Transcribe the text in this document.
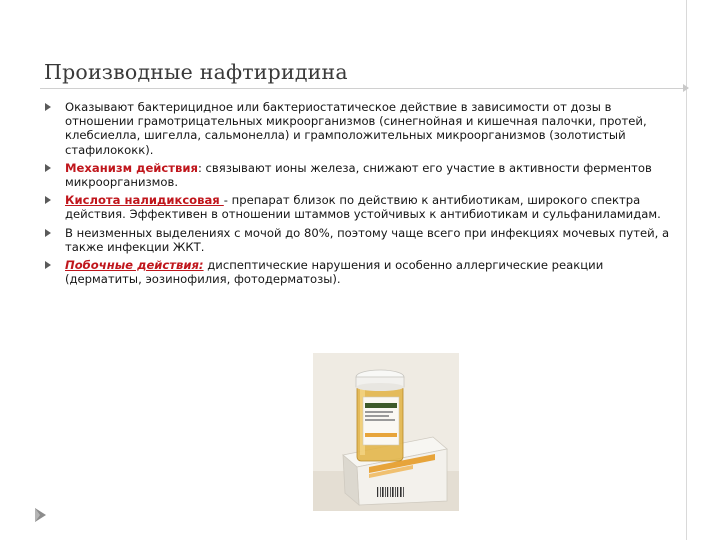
Производные нафтиридина
Оказывают бактерицидное или бактериостатическое действие в зависимости от дозы в отношении грамотрицательных микроорганизмов (синегнойная и кишечная палочки, протей, клебсиелла, шигелла, сальмонелла) и грамположительных микроорганизмов (золотистый стафилококк).
Механизм действия: связывают ионы железа, снижают его участие в активности ферментов микроорганизмов.
Кислота налидиксовая - препарат близок по действию к антибиотикам, широкого спектра действия. Эффективен в отношении штаммов устойчивых к антибиотикам и сульфаниламидам.
В неизменных выделениях с мочой до 80%, поэтому чаще всего при инфекциях мочевых путей, а также инфекции ЖКТ.
Побочные действия: диспептические нарушения и особенно аллергические реакции (дерматиты, эозинофилия, фотодерматозы).
